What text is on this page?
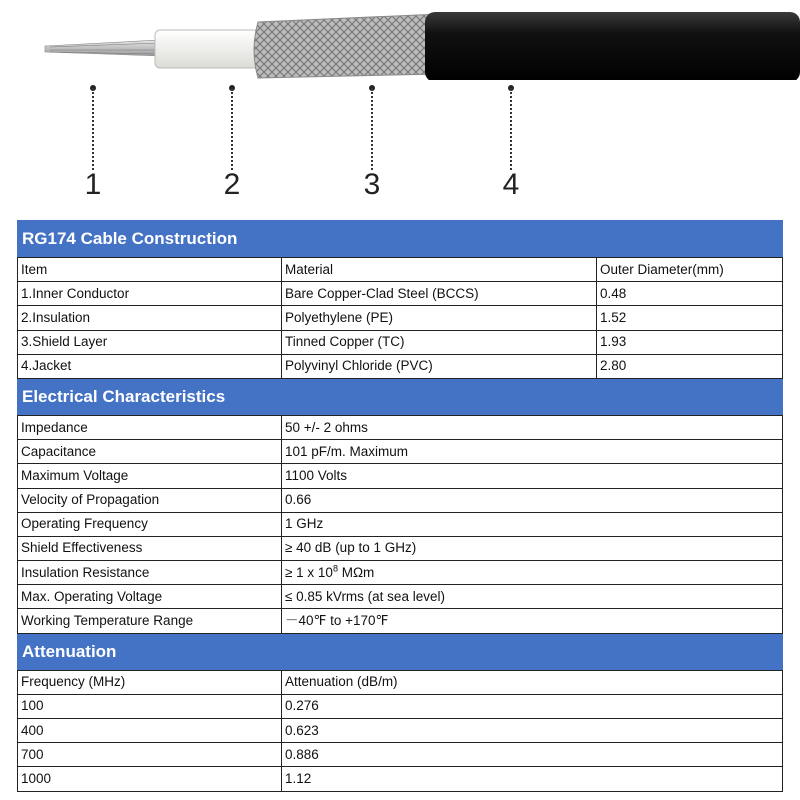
1	2	3	4
RG174 Cable Construction		
Item	Material	Outer Diameter(mm)
1.Inner Conductor	Bare Copper-Clad Steel (BCCS)	0.48
2.Insulation	Polyethylene (PE)	1.52
3.Shield Layer	Tinned Copper (TC)	1.93
4.Jacket	Polyvinyl Chloride (PVC)	2.80
Electrical Characteristics		
Impedance	50 +/- 2 ohms	
Capacitance	101 pF/m. Maximum	
Maximum Voltage	1100 Volts	
Velocity of Propagation	0.66	
Operating Frequency	1 GHz	
Shield Effectiveness	≥ 40 dB (up to 1 GHz)	
Insulation Resistance	≥ 1 x $10^8$ MΩm	
Max. Operating Voltage	≤ 0.85 kVrms (at sea level)	
Working Temperature Range	－40℉ to +170℉	
Attenuation		
Frequency (MHz)	Attenuation (dB/m)	
100	0.276	
400	0.623	
700	0.886	
1000	1.12	
